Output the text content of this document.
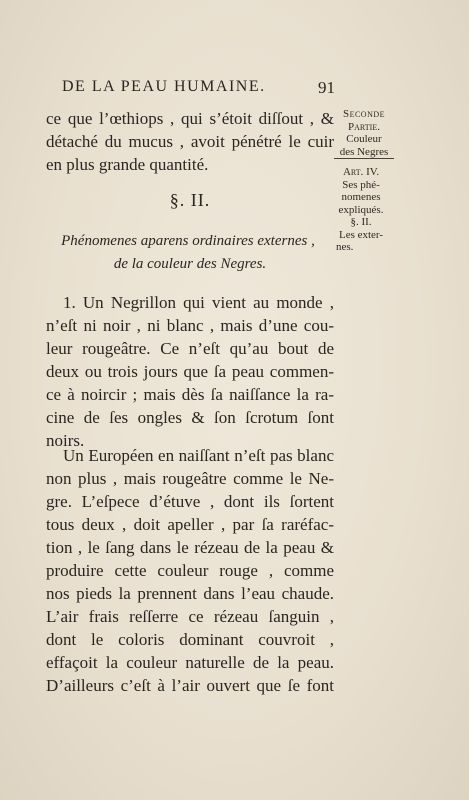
DE LA PEAU HUMAINE.	91
Seconde
Partie.
Couleur
des Negres
Art. IV.
Ses phé-
nomenes
expliqués.
§. II.
Les exter-
nes.
ce que l’œthiops , qui s’étoit diſſout , &
détaché du mucus , avoit pénétré le cuir
en plus grande quantité.
§. II.
Phénomenes aparens ordinaires externes ,
de la couleur des Negres.
1. Un Negrillon qui vient au monde ,
n’eſt ni noir , ni blanc , mais d’une cou-
leur rougeâtre. Ce n’eſt qu’au bout de
deux ou trois jours que ſa peau commen-
ce à noircir ; mais dès ſa naiſſance la ra-
cine de ſes ongles & ſon ſcrotum ſont
noirs.
Un Européen en naiſſant n’eſt pas blanc
non plus , mais rougeâtre comme le Ne-
gre. L’eſpece d’étuve , dont ils ſortent
tous deux , doit apeller , par ſa raréfac-
tion , le ſang dans le rézeau de la peau &
produire cette couleur rouge , comme
nos pieds la prennent dans l’eau chaude.
L’air frais reſſerre ce rézeau ſanguin ,
dont le coloris dominant couvroit ,
effaçoit la couleur naturelle de la peau.
D’ailleurs c’eſt à l’air ouvert que ſe font
